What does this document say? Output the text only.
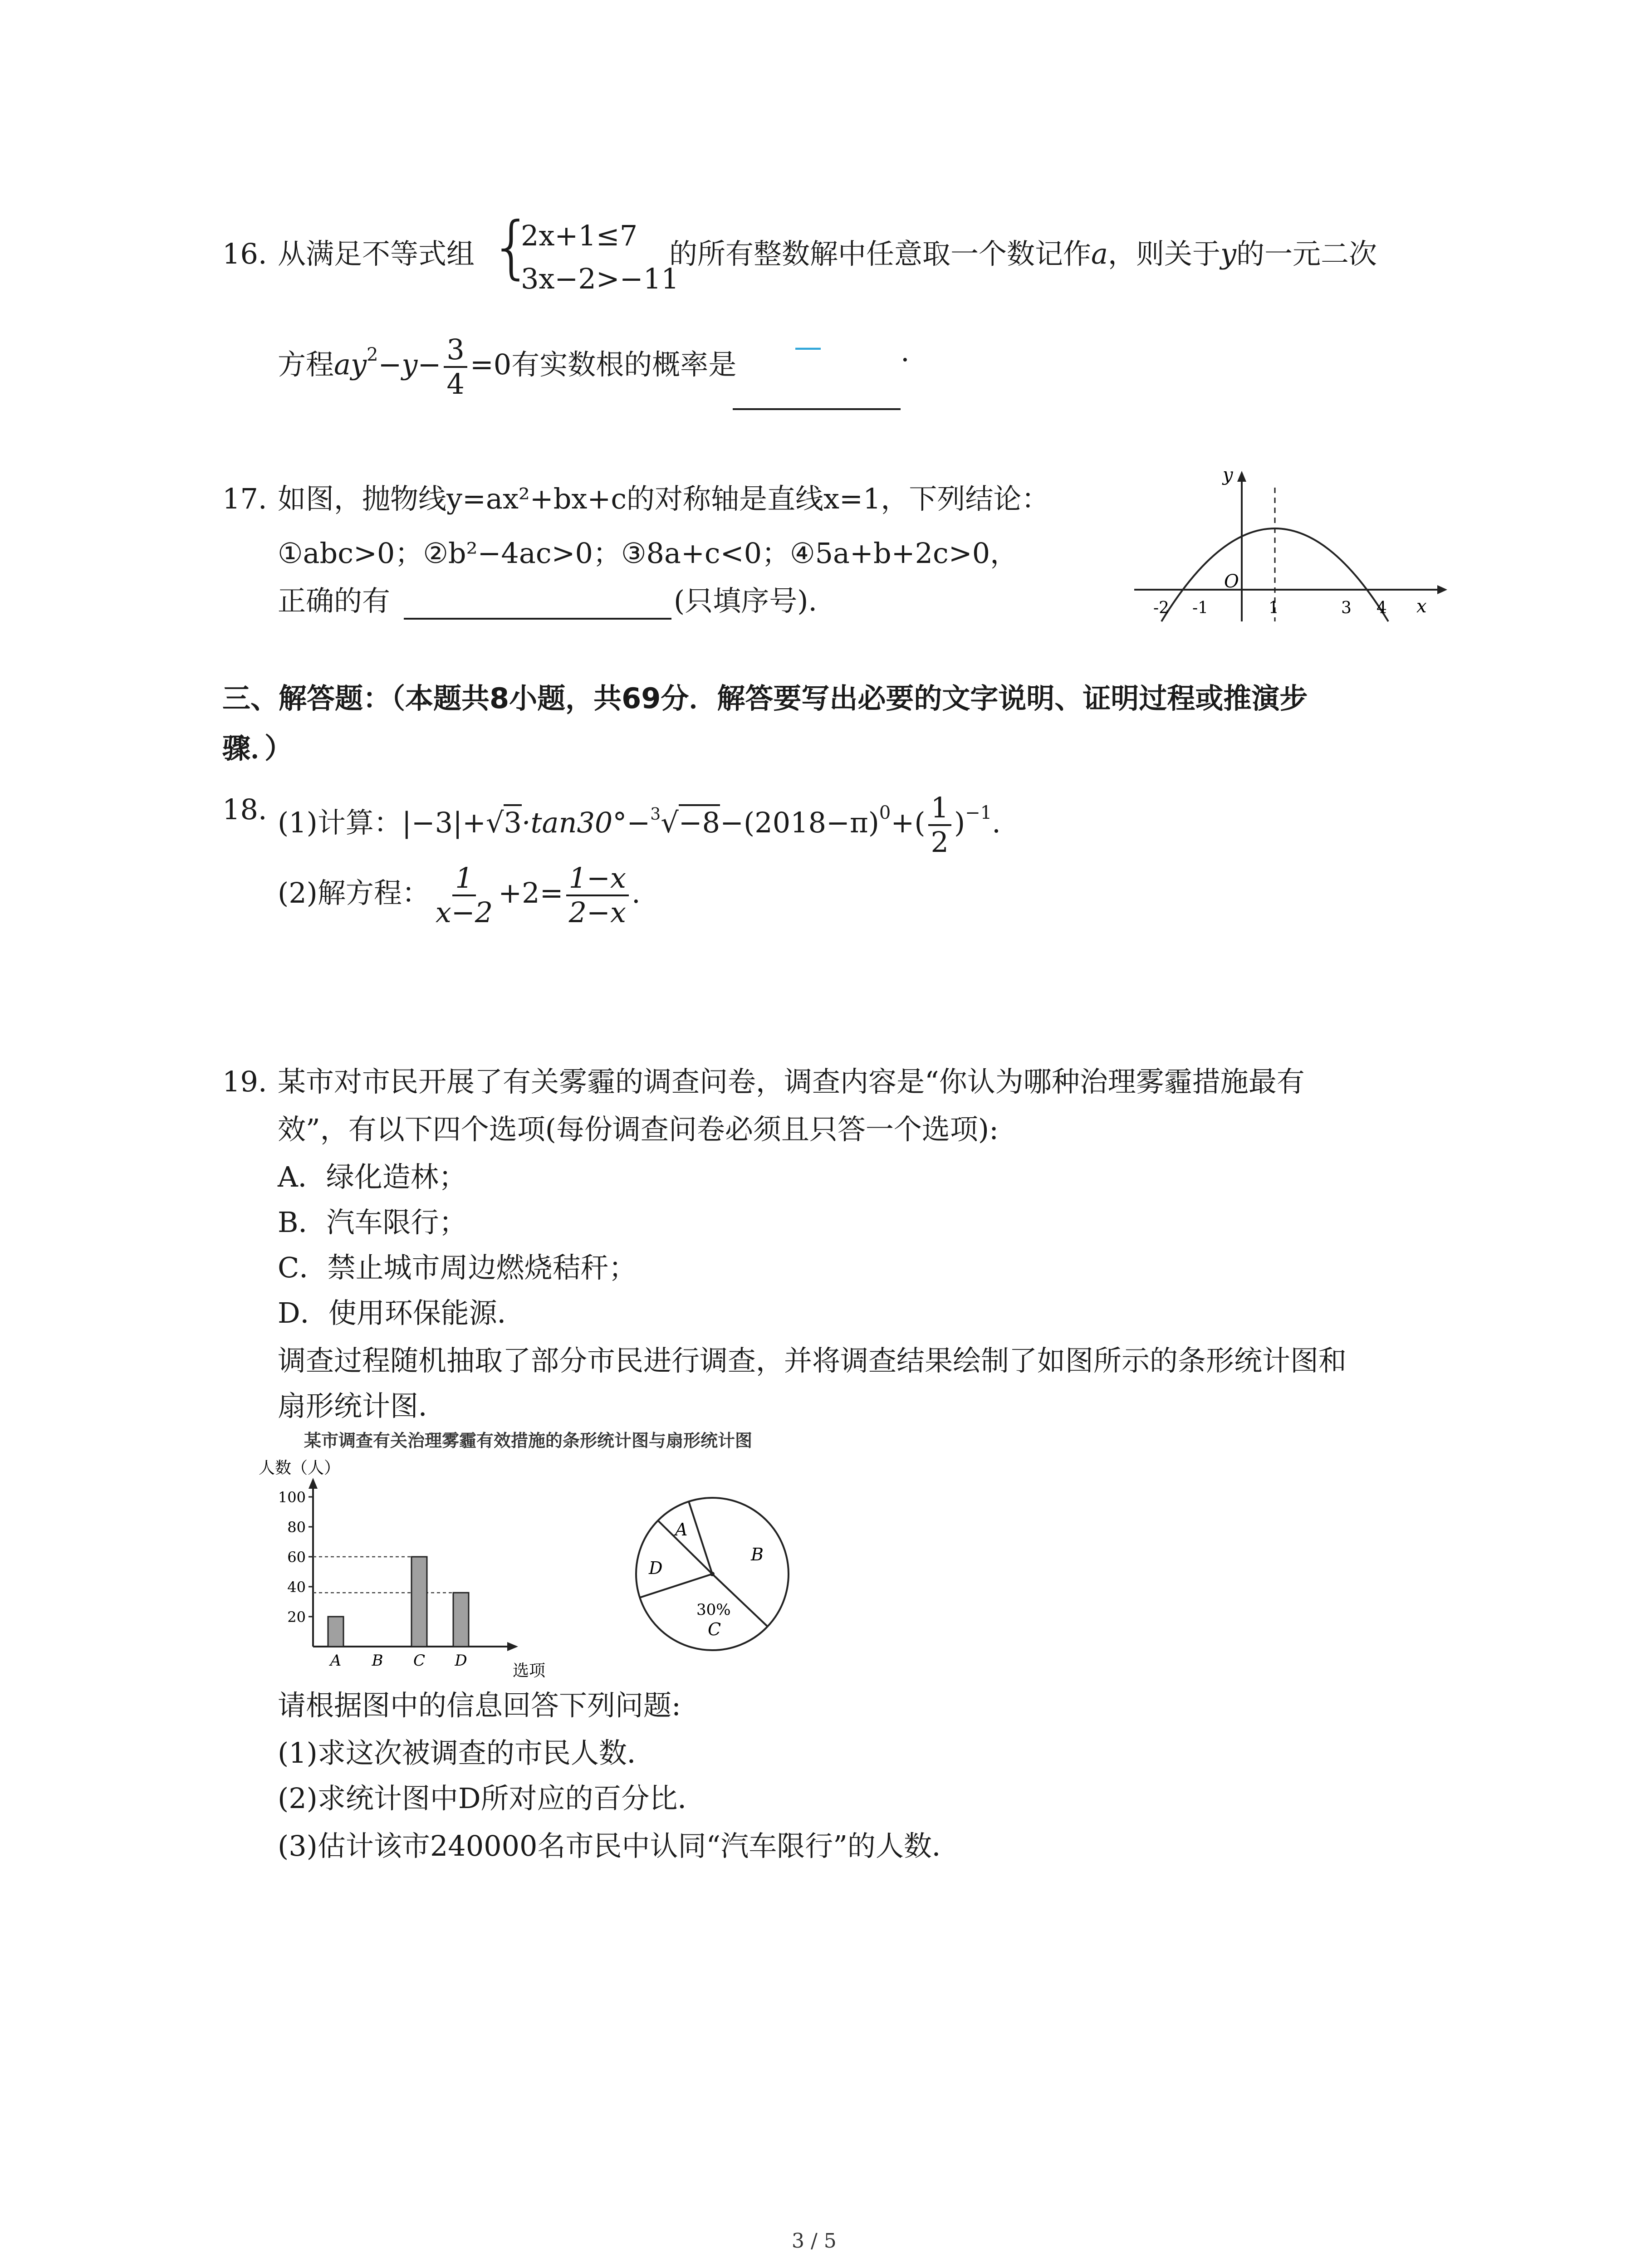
16. 从满足不等式组 {
2x+1≤7
3x−2>−11
的所有整数解中任意取一个数记作a，则关于y的一元二次
方程$ay^2-y- \frac{3}{4} =0$有实数根的概率是
—	.
17. 如图，抛物线y=ax²+bx+c的对称轴是直线x=1，下列结论：
①abc>0；②b²−4ac>0；③8a+c<0；④5a+b+2c>0，
正确的有	(只填序号).
y
x
O
-2 -1	1	3 4
三、解答题：（本题共8小题，共69分．解答要写出必要的文字说明、证明过程或推演步
骤．）
18. (1)计算：$|-3|+√3\cdot\tan 30^\circ-^3√-8-(2018-\pi)^0+( \frac{1}{2} )^{-1}$.
(2)解方程： $\frac{1}{x-2} +2= \frac{1-x}{2-x}$ .
19. 某市对市民开展了有关雾霾的调查问卷，调查内容是“你认为哪种治理雾霾措施最有
效”，有以下四个选项(每份调查问卷必须且只答一个选项):
A．绿化造林；
B．汽车限行；
C．禁止城市周边燃烧秸秆；
D．使用环保能源．
调查过程随机抽取了部分市民进行调查，并将调查结果绘制了如图所示的条形统计图和
扇形统计图．
某市调查有关治理雾霾有效措施的条形统计图与扇形统计图
人数（人）
20
40
60
80
100
A B C D
选项
A
B
C
D
30%
请根据图中的信息回答下列问题:
(1)求这次被调查的市民人数．
(2)求统计图中D所对应的百分比．
(3)估计该市240000名市民中认同“汽车限行”的人数．
3 / 5
